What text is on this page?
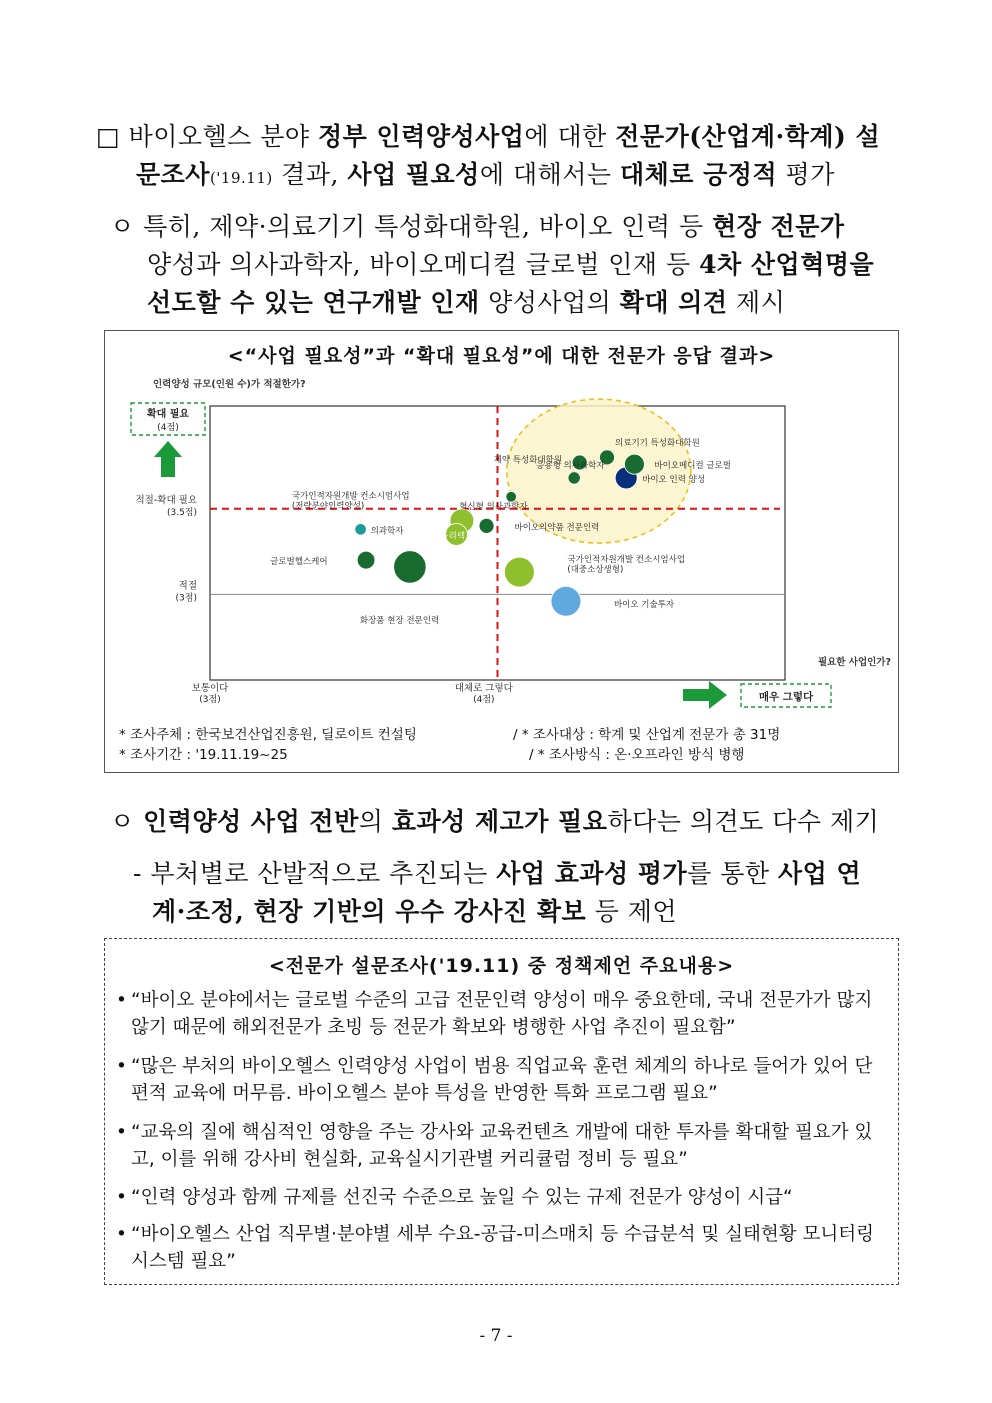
□ 바이오헬스 분야 정부 인력양성사업에 대한 전문가(산업계·학계) 설
문조사('19.11) 결과, 사업 필요성에 대해서는 대체로 긍정적 평가
ㅇ 특히, 제약·의료기기 특성화대학원, 바이오 인력 등 현장 전문가
양성과 의사과학자, 바이오메디컬 글로벌 인재 등 4차 산업혁명을
선도할 수 있는 연구개발 인재 양성사업의 확대 의견 제시
<“사업 필요성”과 “확대 필요성”에 대한 전문가 응답 결과>
의료기기 특성화대학원
제약 특성화대학원
바이오메디컬 글로벌
응용형 의사과학자
바이오 인력 양성
혁신형 의사과학자
국가인적자원개발 컨소시엄사업
(전략분야인력양성)
의과학자	바이오의약품 전문인력
플리텍
글로벌헬스케어
화장품 현장 전문인력
국가인적자원개발 컨소시엄사업
(대중소상생형)
바이오 기술투자
인력양성 규모(인원 수)가 적절한가?
확대 필요
(4점)
적절-확대 필요
(3.5점)
적절
(3점)
보통이다
(3점)
대체로 그렇다
(4점)
필요한 사업인가?
매우 그렇다
* 조사주체 : 한국보건산업진흥원, 딜로이트 컨설팅	/ * 조사대상 : 학계 및 산업계 전문가 총 31명
* 조사기간 : '19.11.19~25	/ * 조사방식 : 온·오프라인 방식 병행
ㅇ 인력양성 사업 전반의 효과성 제고가 필요하다는 의견도 다수 제기
- 부처별로 산발적으로 추진되는 사업 효과성 평가를 통한 사업 연
계·조정, 현장 기반의 우수 강사진 확보 등 제언
<전문가 설문조사('19.11) 중 정책제언 주요내용>
• “바이오 분야에서는 글로벌 수준의 고급 전문인력 양성이 매우 중요한데, 국내 전문가가 많지 않기 때문에 해외전문가 초빙 등 전문가 확보와 병행한 사업 추진이 필요함”
• “많은 부처의 바이오헬스 인력양성 사업이 범용 직업교육 훈련 체계의 하나로 들어가 있어 단편적 교육에 머무름. 바이오헬스 분야 특성을 반영한 특화 프로그램 필요”
• “교육의 질에 핵심적인 영향을 주는 강사와 교육컨텐츠 개발에 대한 투자를 확대할 필요가 있고, 이를 위해 강사비 현실화, 교육실시기관별 커리큘럼 정비 등 필요”
• “인력 양성과 함께 규제를 선진국 수준으로 높일 수 있는 규제 전문가 양성이 시급“
• “바이오헬스 산업 직무별·분야별 세부 수요-공급-미스매치 등 수급분석 및 실태현황 모니터링 시스템 필요”
- 7 -
